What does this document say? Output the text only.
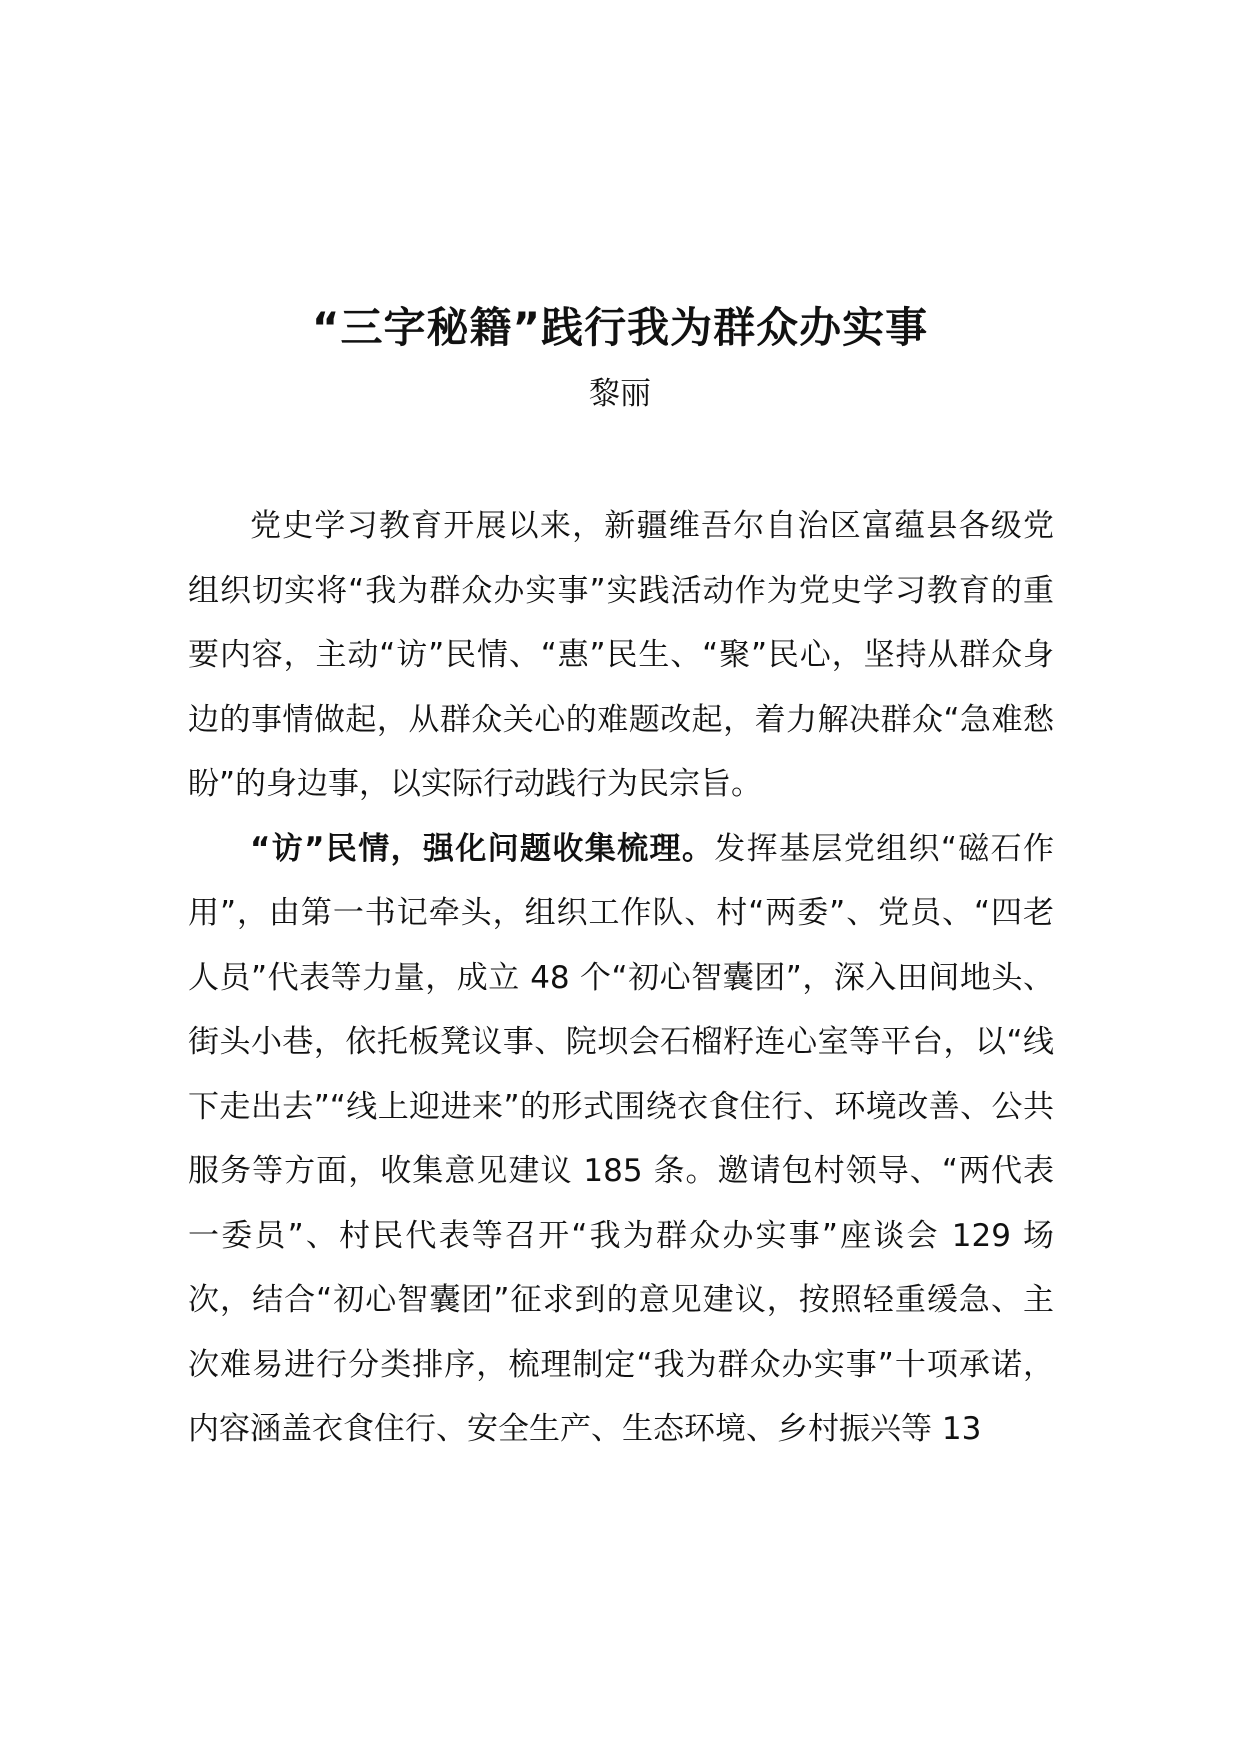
“三字秘籍”践行我为群众办实事

黎丽

党史学习教育开展以来，新疆维吾尔自治区富蕴县各级党组织切实将“我为群众办实事”实践活动作为党史学习教育的重要内容，主动“访”民情、“惠”民生、“聚”民心，坚持从群众身边的事情做起，从群众关心的难题改起，着力解决群众“急难愁盼”的身边事，以实际行动践行为民宗旨。

“访”民情，强化问题收集梳理。发挥基层党组织“磁石作用”，由第一书记牵头，组织工作队、村“两委”、党员、“四老人员”代表等力量，成立 48 个“初心智囊团”，深入田间地头、街头小巷，依托板凳议事、院坝会石榴籽连心室等平台，以“线下走出去”“线上迎进来”的形式围绕衣食住行、环境改善、公共服务等方面，收集意见建议 185 条。邀请包村领导、“两代表一委员”、村民代表等召开“我为群众办实事”座谈会 129 场次，结合“初心智囊团”征求到的意见建议，按照轻重缓急、主次难易进行分类排序，梳理制定“我为群众办实事”十项承诺，内容涵盖衣食住行、安全生产、生态环境、乡村振兴等 13
